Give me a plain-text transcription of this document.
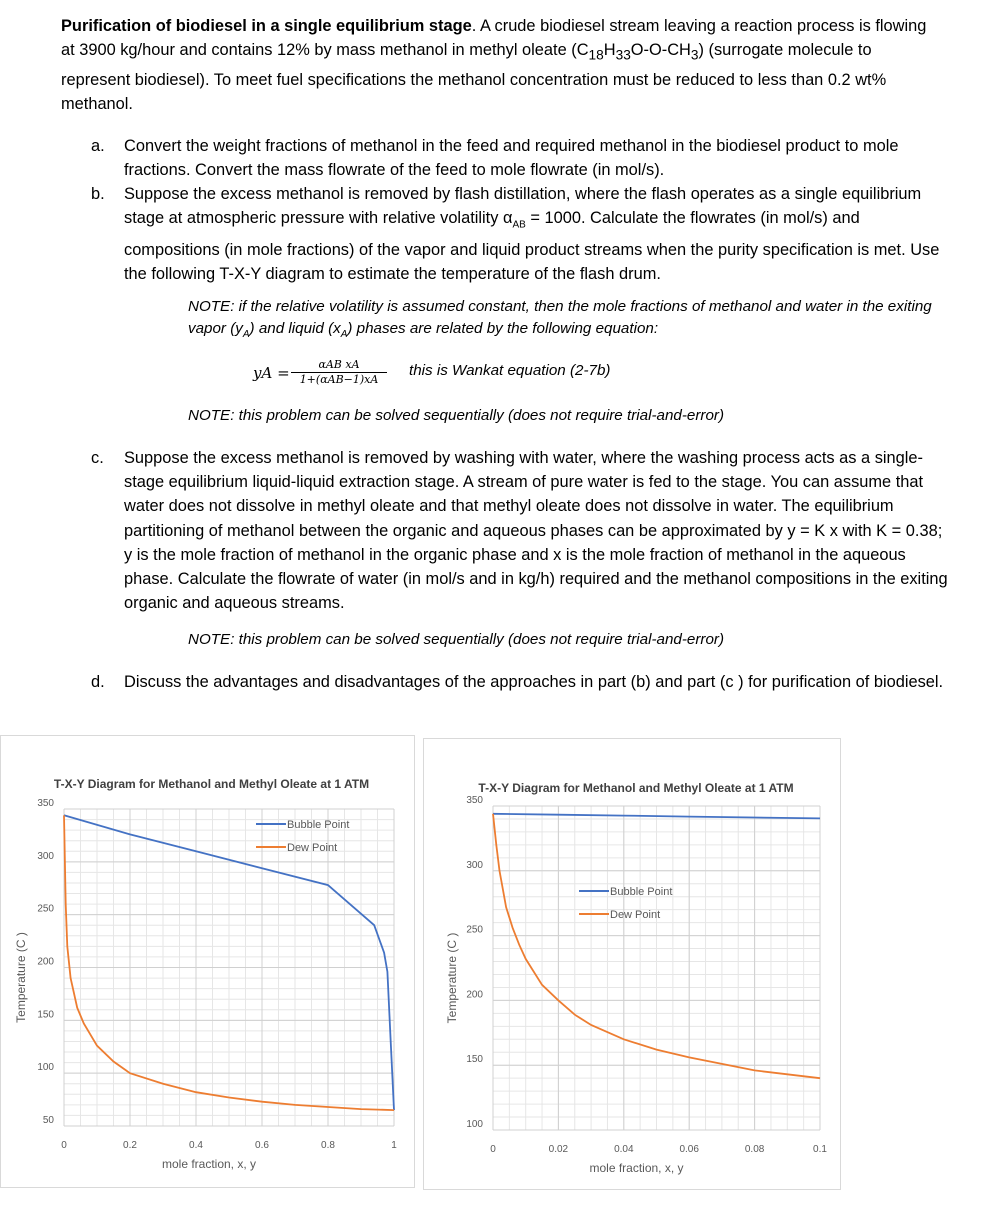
Purification of biodiesel in a single equilibrium stage. A crude biodiesel stream leaving a reaction process is flowing at 3900 kg/hour and contains 12% by mass methanol in methyl oleate $(C_{18}H_{33}O-O-CH_3)$ (surrogate molecule to represent biodiesel). To meet fuel specifications the methanol concentration must be reduced to less than 0.2 wt% methanol.
a. Convert the weight fractions of methanol in the feed and required methanol in the biodiesel product to mole fractions. Convert the mass flowrate of the feed to mole flowrate (in mol/s).
b. Suppose the excess methanol is removed by flash distillation, where the flash operates as a single equilibrium stage at atmospheric pressure with relative volatility $\alpha_{AB} = 1000$. Calculate the flowrates (in mol/s) and compositions (in mole fractions) of the vapor and liquid product streams when the purity specification is met. Use the following T-X-Y diagram to estimate the temperature of the flash drum.
NOTE: if the relative volatility is assumed constant, then the mole fractions of methanol and water in the exiting vapor $(y_A)$ and liquid $(x_A)$ phases are related by the following equation:
yA =	αAB xA
1+(αAB−1)xA
this is Wankat equation (2-7b)
NOTE: this problem can be solved sequentially (does not require trial-and-error)
c. Suppose the excess methanol is removed by washing with water, where the washing process acts as a single-stage equilibrium liquid-liquid extraction stage. A stream of pure water is fed to the stage. You can assume that water does not dissolve in methyl oleate and that methyl oleate does not dissolve in water. The equilibrium partitioning of methanol between the organic and aqueous phases can be approximated by y = K x with K = 0.38; y is the mole fraction of methanol in the organic phase and x is the mole fraction of methanol in the aqueous phase. Calculate the flowrate of water (in mol/s and in kg/h) required and the methanol compositions in the exiting organic and aqueous streams.
NOTE: this problem can be solved sequentially (does not require trial-and-error)
d. Discuss the advantages and disadvantages of the approaches in part (b) and part (c ) for purification of biodiesel.
T-X-Y Diagram for Methanol and Methyl Oleate at 1 ATM
0	0.2	0.4	0.6	0.8	1
50
100
150
200
250
300
350
mole fraction, x, y
Temperature (C )
Bubble Point
Dew Point
T-X-Y Diagram for Methanol and Methyl Oleate at 1 ATM
0	0.02	0.04	0.06	0.08	0.1
100
150
200
250
300
350
mole fraction, x, y
Temperature (C )
Bubble Point
Dew Point
